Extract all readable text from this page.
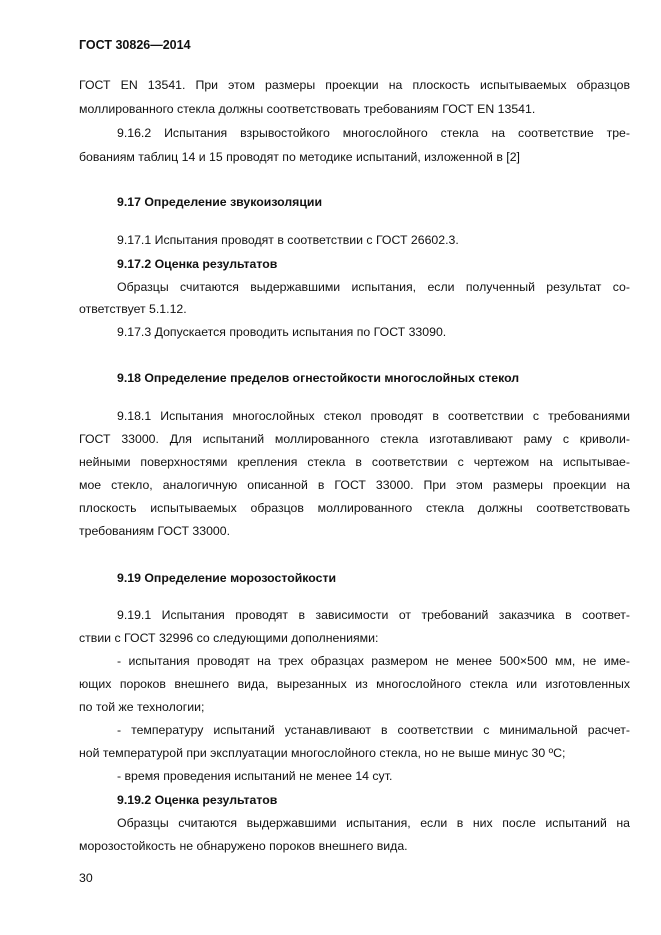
ГОСТ 30826—2014
ГОСТ EN 13541. При этом размеры проекции на плоскость испытываемых образцов
моллированного стекла должны соответствовать требованиям ГОСТ EN 13541.
9.16.2 Испытания взрывостойкого многослойного стекла на соответствие тре-
бованиям таблиц 14 и 15 проводят по методике испытаний, изложенной в [2]
9.17 Определение звукоизоляции
9.17.1 Испытания проводят в соответствии с ГОСТ 26602.3.
9.17.2 Оценка результатов
Образцы считаются выдержавшими испытания, если полученный результат со-
ответствует 5.1.12.
9.17.3 Допускается проводить испытания по ГОСТ 33090.
9.18 Определение пределов огнестойкости многослойных стекол
9.18.1 Испытания многослойных стекол проводят в соответствии с требованиями
ГОСТ 33000. Для испытаний моллированного стекла изготавливают раму с криволи-
нейными поверхностями крепления стекла в соответствии с чертежом на испытывае-
мое стекло, аналогичную описанной в ГОСТ 33000. При этом размеры проекции на
плоскость испытываемых образцов моллированного стекла должны соответствовать
требованиям ГОСТ 33000.
9.19 Определение морозостойкости
9.19.1 Испытания проводят в зависимости от требований заказчика в соответ-
ствии с ГОСТ 32996 со следующими дополнениями:
- испытания проводят на трех образцах размером не менее 500×500 мм, не име-
ющих пороков внешнего вида, вырезанных из многослойного стекла или изготовленных
по той же технологии;
- температуру испытаний устанавливают в соответствии с минимальной расчет-
ной температурой при эксплуатации многослойного стекла, но не выше минус 30 ºC;
- время проведения испытаний не менее 14 сут.
9.19.2 Оценка результатов
Образцы считаются выдержавшими испытания, если в них после испытаний на
морозостойкость не обнаружено пороков внешнего вида.
30
